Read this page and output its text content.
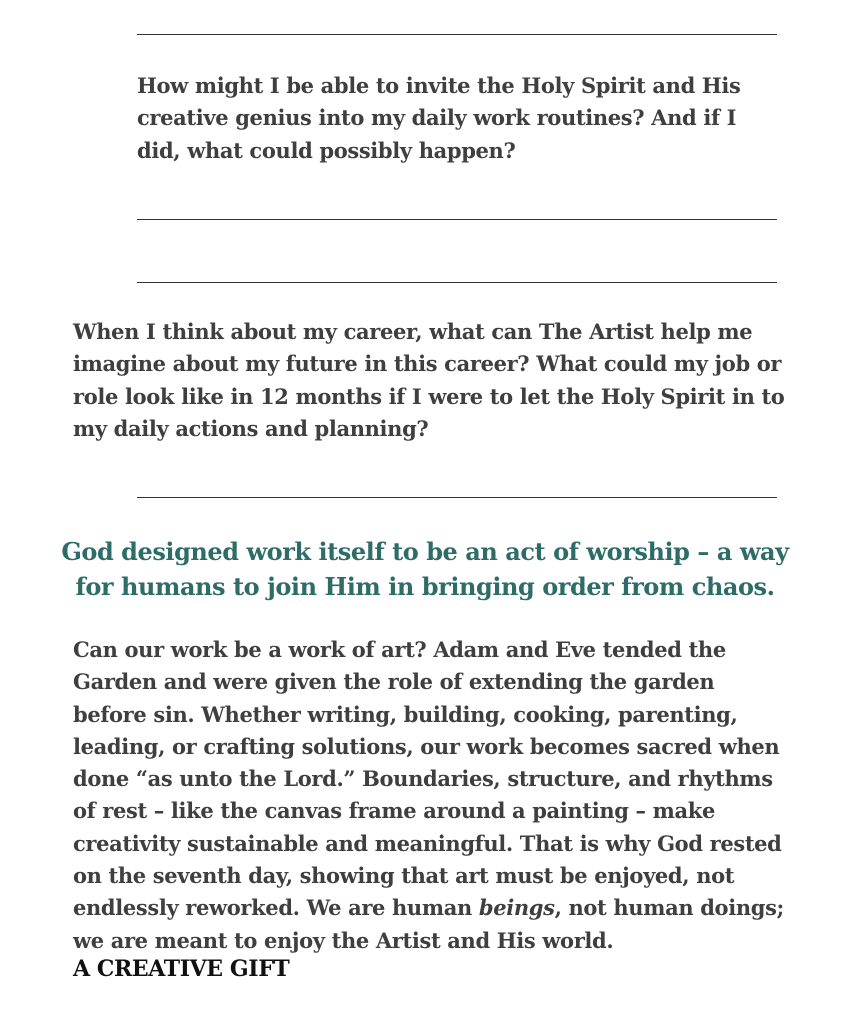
How might I be able to invite the Holy Spirit and His creative genius into my daily work routines? And if I did, what could possibly happen?

When I think about my career, what can The Artist help me imagine about my future in this career? What could my job or role look like in 12 months if I were to let the Holy Spirit in to my daily actions and planning?

God designed work itself to be an act of worship – a way for humans to join Him in bringing order from chaos.

Can our work be a work of art? Adam and Eve tended the Garden and were given the role of extending the garden before sin. Whether writing, building, cooking, parenting, leading, or crafting solutions, our work becomes sacred when done “as unto the Lord.” Boundaries, structure, and rhythms of rest – like the canvas frame around a painting – make creativity sustainable and meaningful. That is why God rested on the seventh day, showing that art must be enjoyed, not endlessly reworked. We are human beings, not human doings; we are meant to enjoy the Artist and His world.

A CREATIVE GIFT
